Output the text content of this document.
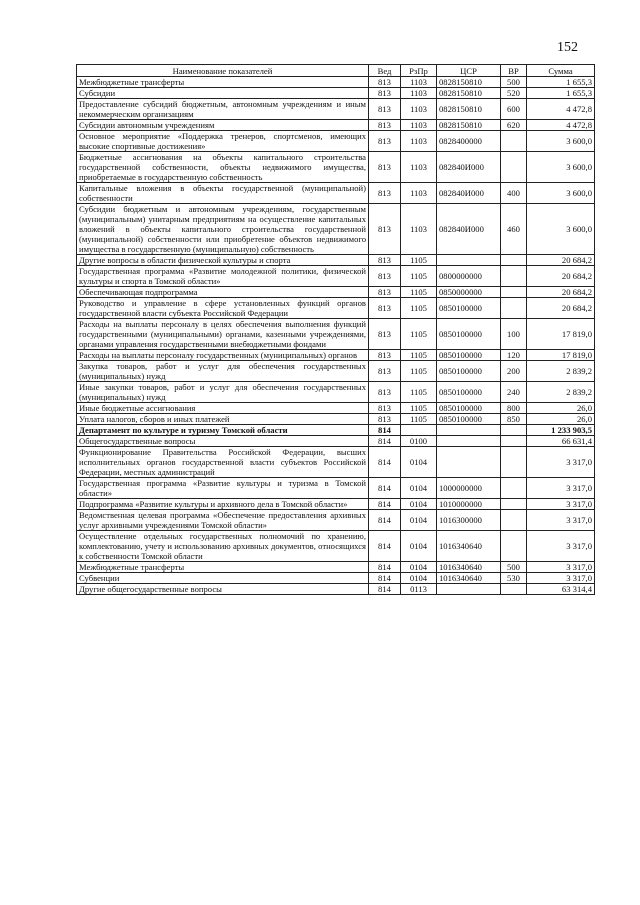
152
Наименование показателей	Вед	РзПр	ЦСР	ВР	Сумма
Межбюджетные трансферты	813	1103	0828150810	500	1 655,3
Субсидии	813	1103	0828150810	520	1 655,3
Предоставление субсидий бюджетным, автономным учреждениям и иным некоммерческим организациям	813	1103	0828150810	600	4 472,8
Субсидии автономным учреждениям	813	1103	0828150810	620	4 472,8
Основное мероприятие «Поддержка тренеров, спортсменов, имеющих высокие спортивные достижения»	813	1103	0828400000		3 600,0
Бюджетные ассигнования на объекты капитального строительства государственной собственности, объекты недвижимого имущества, приобретаемые в государственную собственность	813	1103	082840И000		3 600,0
Капитальные вложения в объекты государственной (муниципальной) собственности	813	1103	082840И000	400	3 600,0
Субсидии бюджетным и автономным учреждениям, государственным (муниципальным) унитарным предприятиям на осуществление капитальных вложений в объекты капитального строительства государственной (муниципальной) собственности или приобретение объектов недвижимого имущества в государственную (муниципальную) собственность	813	1103	082840И000	460	3 600,0
Другие вопросы в области физической культуры и спорта	813	1105			20 684,2
Государственная программа «Развитие молодежной политики, физической культуры и спорта в Томской области»	813	1105	0800000000		20 684,2
Обеспечивающая подпрограмма	813	1105	0850000000		20 684,2
Руководство и управление в сфере установленных функций органов государственной власти субъекта Российской Федерации	813	1105	0850100000		20 684,2
Расходы на выплаты персоналу в целях обеспечения выполнения функций государственными (муниципальными) органами, казенными учреждениями, органами управления государственными внебюджетными фондами	813	1105	0850100000	100	17 819,0
Расходы на выплаты персоналу государственных (муниципальных) органов	813	1105	0850100000	120	17 819,0
Закупка товаров, работ и услуг для обеспечения государственных (муниципальных) нужд	813	1105	0850100000	200	2 839,2
Иные закупки товаров, работ и услуг для обеспечения государственных (муниципальных) нужд	813	1105	0850100000	240	2 839,2
Иные бюджетные ассигнования	813	1105	0850100000	800	26,0
Уплата налогов, сборов и иных платежей	813	1105	0850100000	850	26,0
Департамент по культуре и туризму Томской области	814				1 233 903,5
Общегосударственные вопросы	814	0100			66 631,4
Функционирование Правительства Российской Федерации, высших исполнительных органов государственной власти субъектов Российской Федерации, местных администраций	814	0104			3 317,0
Государственная программа «Развитие культуры и туризма в Томской области»	814	0104	1000000000		3 317,0
Подпрограмма «Развитие культуры и архивного дела в Томской области»	814	0104	1010000000		3 317,0
Ведомственная целевая программа «Обеспечение предоставления архивных услуг архивными учреждениями Томской области»	814	0104	1016300000		3 317,0
Осуществление отдельных государственных полномочий по хранению, комплектованию, учету и использованию архивных документов, относящихся к собственности Томской области	814	0104	1016340640		3 317,0
Межбюджетные трансферты	814	0104	1016340640	500	3 317,0
Субвенции	814	0104	1016340640	530	3 317,0
Другие общегосударственные вопросы	814	0113			63 314,4
